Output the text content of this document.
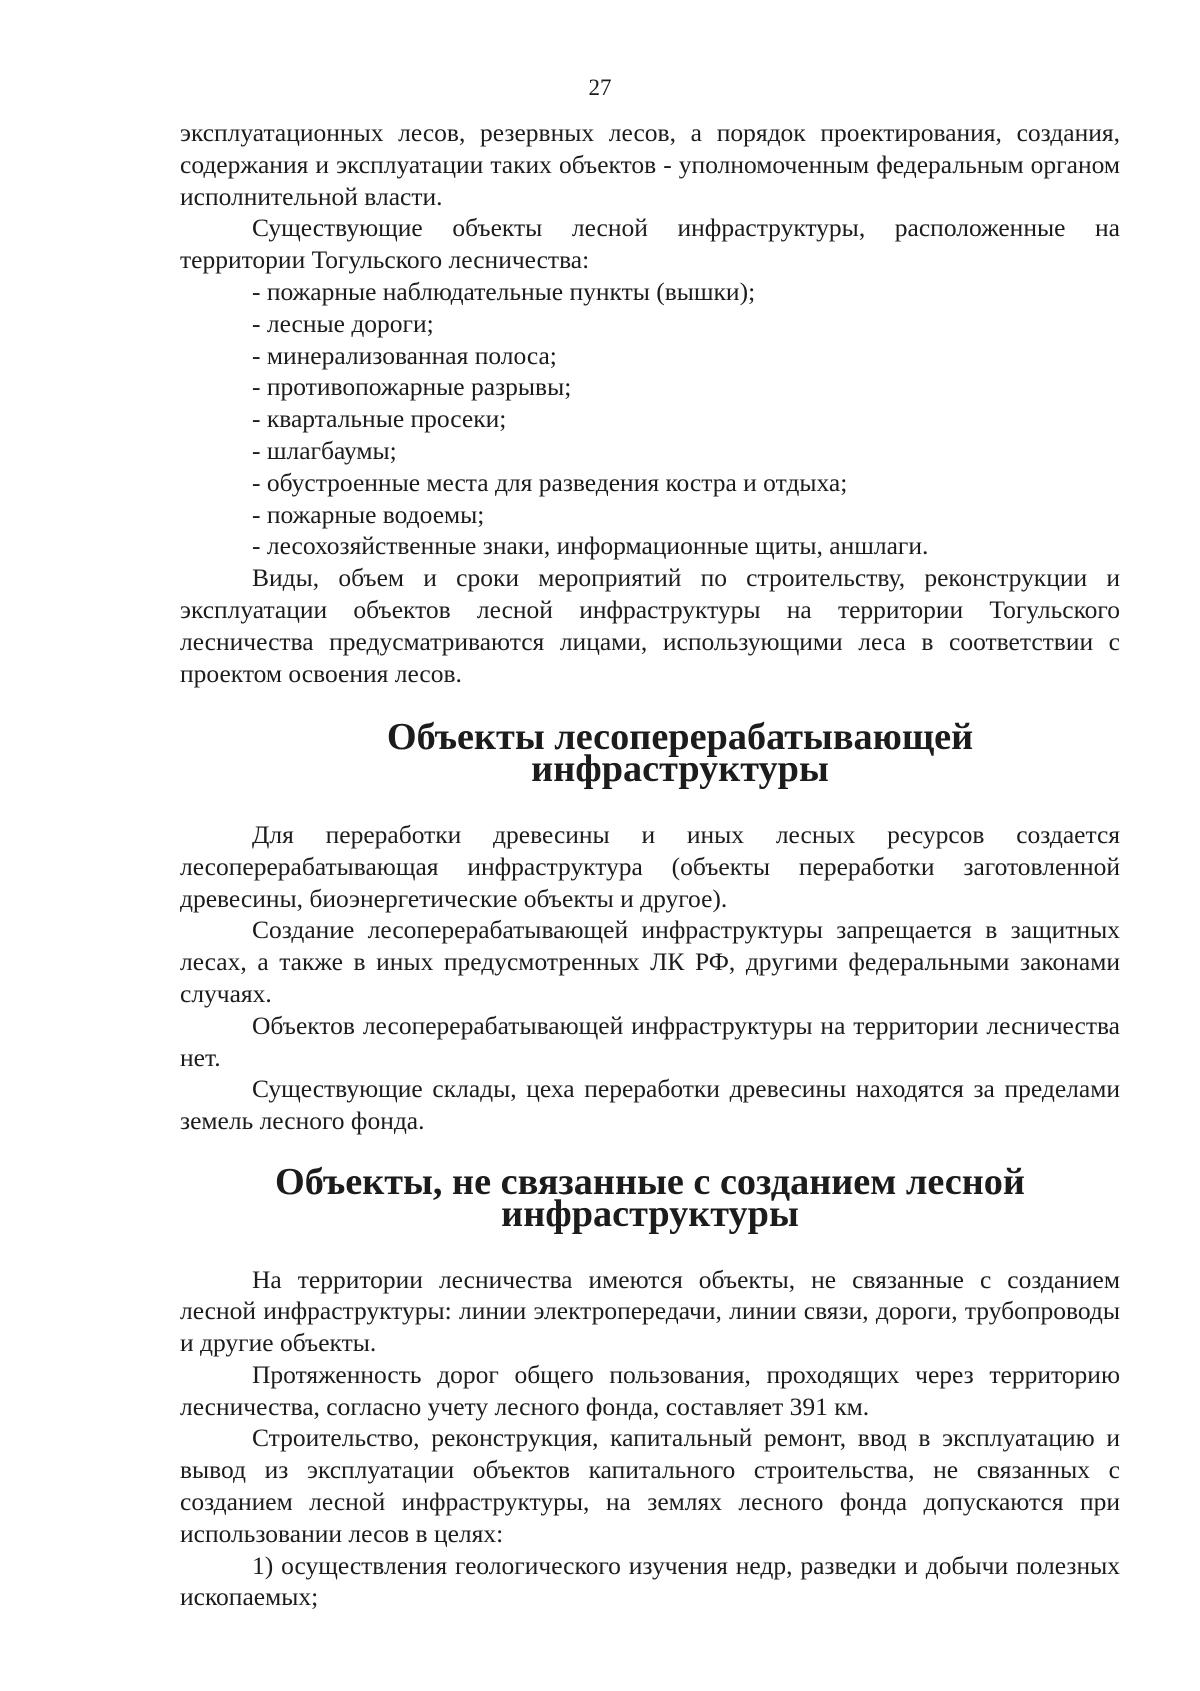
27

эксплуатационных лесов, резервных лесов, а порядок проектирования, создания, содержания и эксплуатации таких объектов - уполномоченным федеральным органом исполнительной власти.

Существующие объекты лесной инфраструктуры, расположенные на территории Тогульского лесничества:

- пожарные наблюдательные пункты (вышки);
- лесные дороги;
- минерализованная полоса;
- противопожарные разрывы;
- квартальные просеки;
- шлагбаумы;
- обустроенные места для разведения костра и отдыха;
- пожарные водоемы;
- лесохозяйственные знаки, информационные щиты, аншлаги.

Виды, объем и сроки мероприятий по строительству, реконструкции и эксплуатации объектов лесной инфраструктуры на территории Тогульского лесничества предусматриваются лицами, использующими леса в соответствии с проектом освоения лесов.

Объекты лесоперерабатывающей инфраструктуры

Для переработки древесины и иных лесных ресурсов создается лесоперерабатывающая инфраструктура (объекты переработки заготовленной древесины, биоэнергетические объекты и другое).

Создание лесоперерабатывающей инфраструктуры запрещается в защитных лесах, а также в иных предусмотренных ЛК РФ, другими федеральными законами случаях.

Объектов лесоперерабатывающей инфраструктуры на территории лесничества нет.

Существующие склады, цеха переработки древесины находятся за пределами земель лесного фонда.

Объекты, не связанные с созданием лесной инфраструктуры

На территории лесничества имеются объекты, не связанные с созданием лесной инфраструктуры: линии электропередачи, линии связи, дороги, трубопроводы и другие объекты.

Протяженность дорог общего пользования, проходящих через территорию лесничества, согласно учету лесного фонда, составляет 391 км.

Строительство, реконструкция, капитальный ремонт, ввод в эксплуатацию и вывод из эксплуатации объектов капитального строительства, не связанных с созданием лесной инфраструктуры, на землях лесного фонда допускаются при использовании лесов в целях:

1) осуществления геологического изучения недр, разведки и добычи полезных ископаемых;
